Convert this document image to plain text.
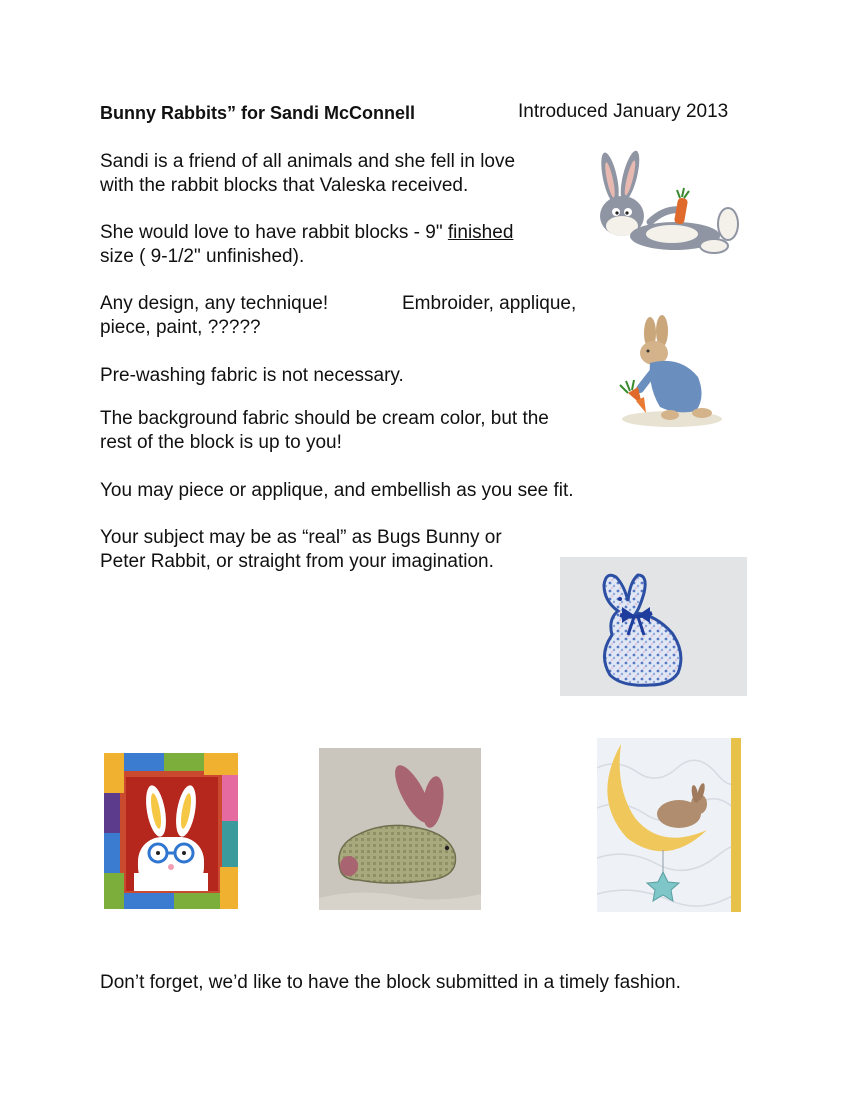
Bunny Rabbits” for Sandi McConnell	Introduced January 2013
Sandi is a friend of all animals and she fell in love
with the rabbit blocks that Valeska received.
She would love to have rabbit blocks - 9" finished
size ( 9-1/2" unfinished).
Any design, any technique!	Embroider, applique,
piece, paint, ?????
Pre-washing fabric is not necessary.
The background fabric should be cream color, but the
rest of the block is up to you!
You may piece or applique, and embellish as you see fit.
Your subject may be as “real” as Bugs Bunny or
Peter Rabbit, or straight from your imagination.
Don’t forget, we’d like to have the block submitted in a timely fashion.
